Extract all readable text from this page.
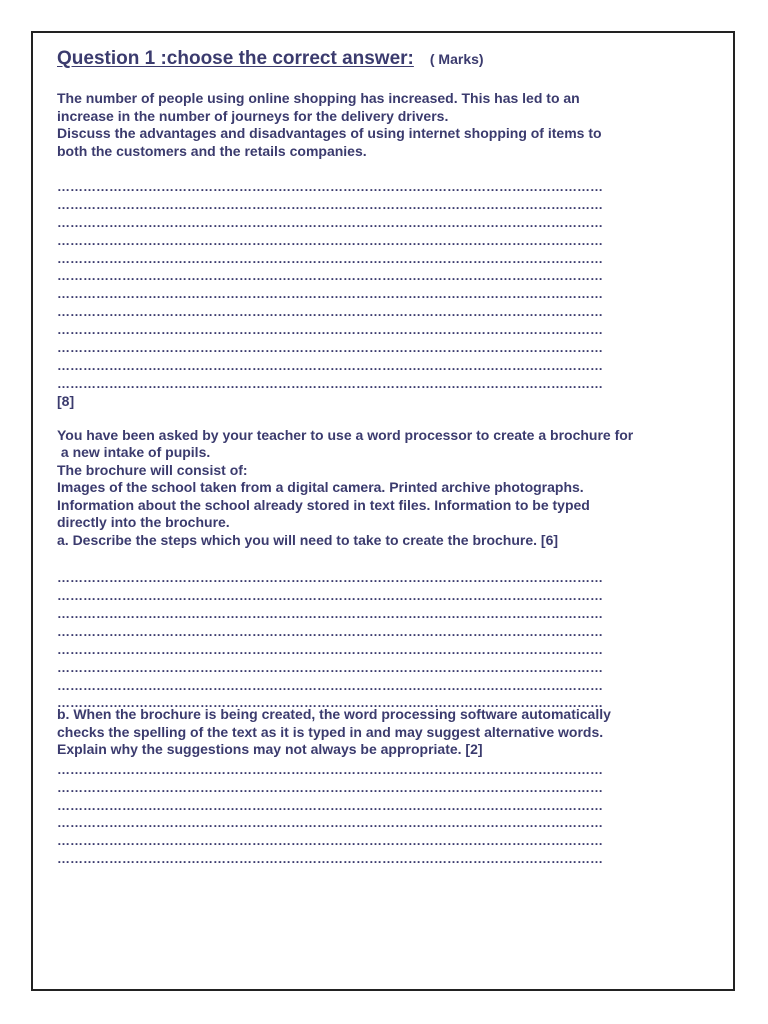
Question 1 :choose the correct answer: ( Marks)

The number of people using online shopping has increased. This has led to an

increase in the number of journeys for the delivery drivers.

Discuss the advantages and disadvantages of using internet shopping of items to

both the customers and the retails companies.

………………………………………………………………………………………………………………
………………………………………………………………………………………………………………
………………………………………………………………………………………………………………
………………………………………………………………………………………………………………
………………………………………………………………………………………………………………
………………………………………………………………………………………………………………
………………………………………………………………………………………………………………
………………………………………………………………………………………………………………
………………………………………………………………………………………………………………
………………………………………………………………………………………………………………
………………………………………………………………………………………………………………
………………………………………………………………………………………………………………
[8]

You have been asked by your teacher to use a word processor to create a brochure for

a new intake of pupils.

The brochure will consist of:

Images of the school taken from a digital camera. Printed archive photographs.

Information about the school already stored in text files. Information to be typed

directly into the brochure.

a. Describe the steps which you will need to take to create the brochure. [6]

………………………………………………………………………………………………………………
………………………………………………………………………………………………………………
………………………………………………………………………………………………………………
………………………………………………………………………………………………………………
………………………………………………………………………………………………………………
………………………………………………………………………………………………………………
………………………………………………………………………………………………………………
………………………………………………………………………………………………………………

b. When the brochure is being created, the word processing software automatically

checks the spelling of the text as it is typed in and may suggest alternative words.

Explain why the suggestions may not always be appropriate. [2]

………………………………………………………………………………………………………………
………………………………………………………………………………………………………………
………………………………………………………………………………………………………………
………………………………………………………………………………………………………………
………………………………………………………………………………………………………………
………………………………………………………………………………………………………………
